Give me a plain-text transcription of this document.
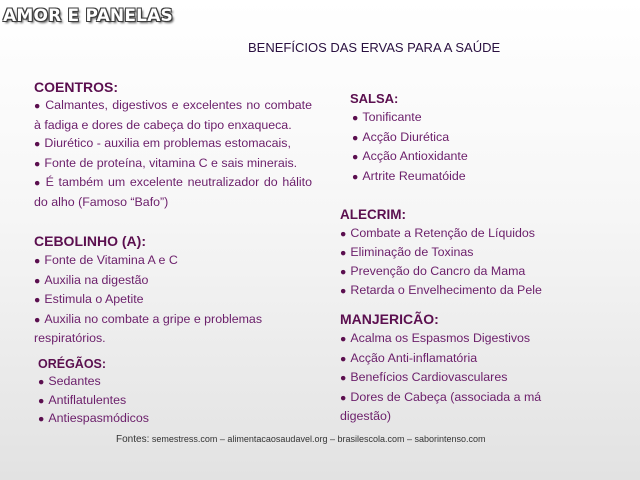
AMOR E PANELAS
BENEFÍCIOS DAS ERVAS PARA A SAÚDE
COENTROS:
● Calmantes, digestivos e excelentes no combate à fadiga e dores de cabeça do tipo enxaqueca.
● Diurético - auxilia em problemas estomacais,
● Fonte de proteína, vitamina C e sais minerais.
● É também um excelente neutralizador do hálito do alho (Famoso “Bafo”)
CEBOLINHO (A):
● Fonte de Vitamina A e C
● Auxilia na digestão
● Estimula o Apetite
● Auxilia no combate a gripe e problemas respiratórios.
ORÉGÃOS:
● Sedantes
● Antiflatulentes
● Antiespasmódicos
SALSA:
● Tonificante
● Acção Diurética
● Acção Antioxidante
● Artrite Reumatóide
ALECRIM:
● Combate a Retenção de Líquidos
● Eliminação de Toxinas
● Prevenção do Cancro da Mama
● Retarda o Envelhecimento da Pele
MANJERICÃO:
● Acalma os Espasmos Digestivos
● Acção Anti-inflamatória
● Benefícios Cardiovasculares
● Dores de Cabeça (associada a má
digestão)
Fontes: semestress.com – alimentacaosaudavel.org – brasilescola.com – saborintenso.com
